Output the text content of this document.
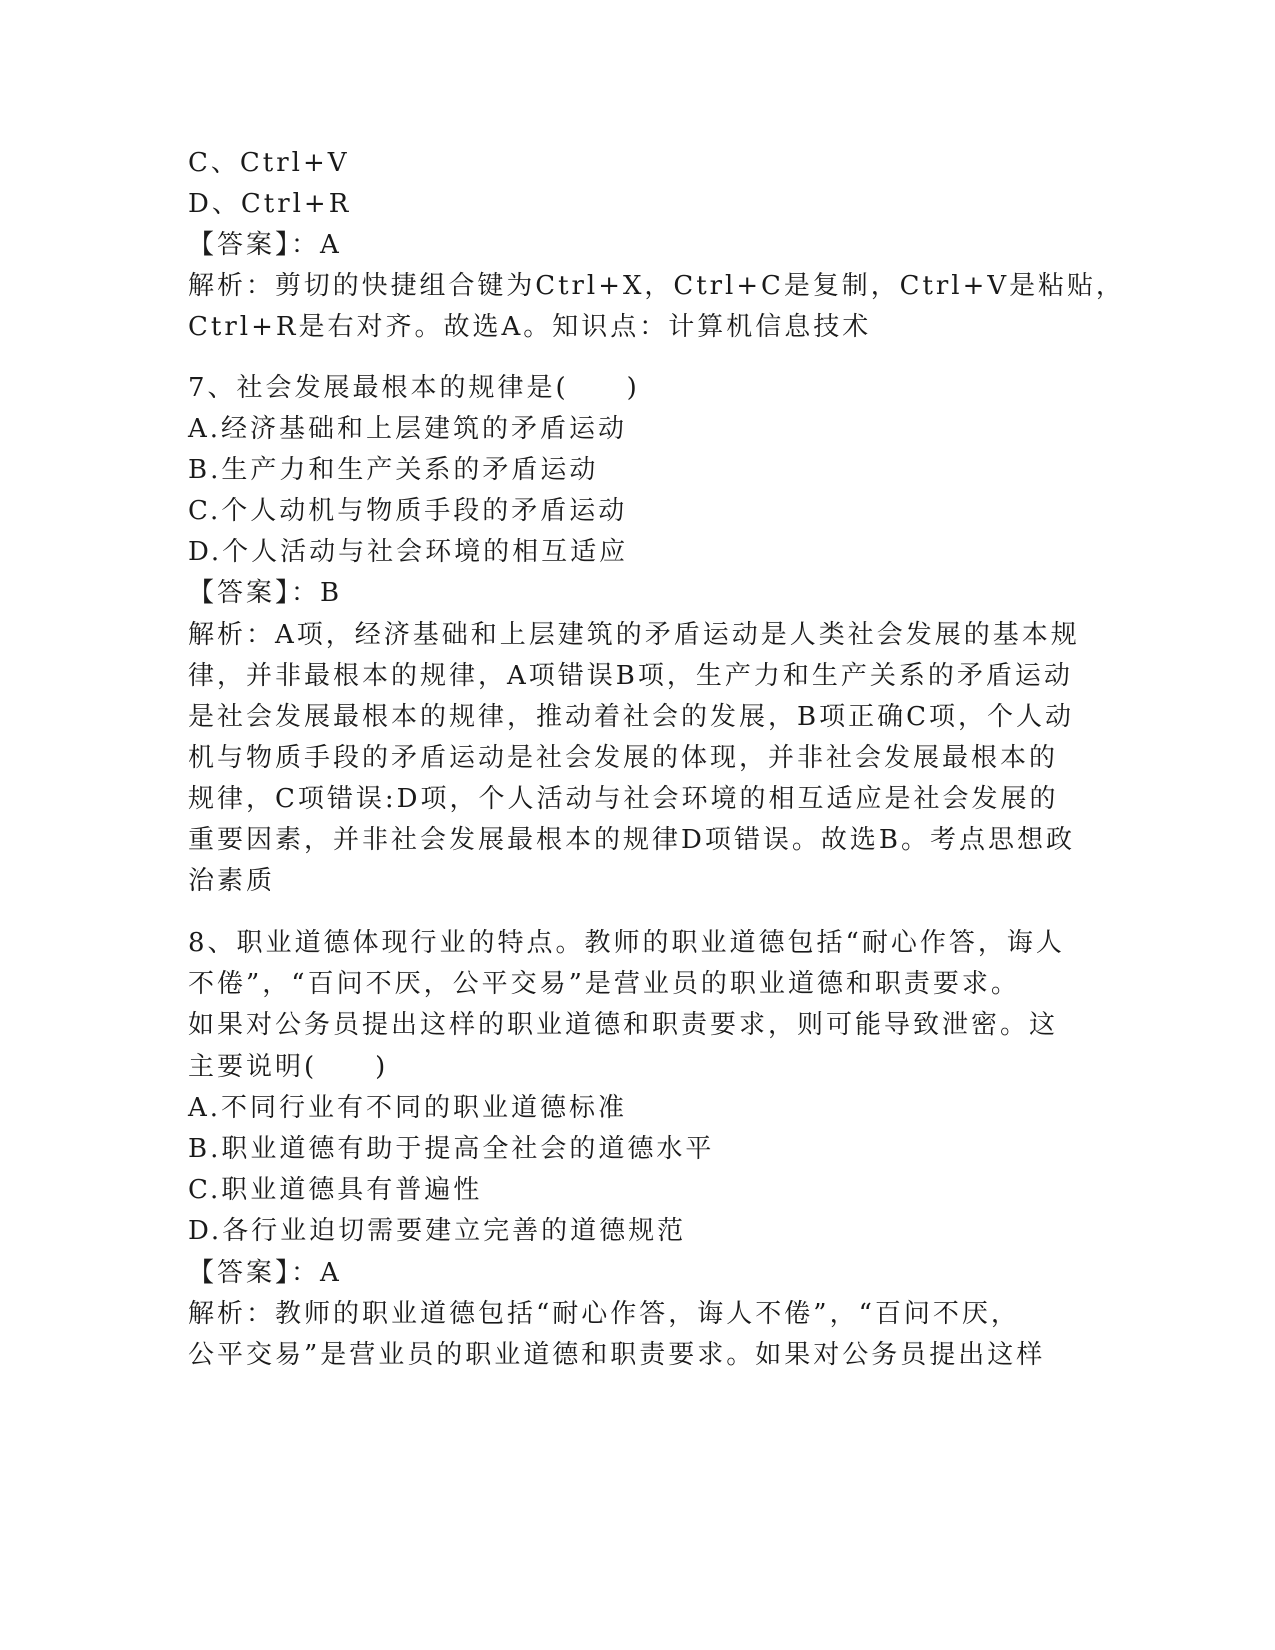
C、Ctrl+V
D、Ctrl+R
【答案】：A
解析：剪切的快捷组合键为Ctrl+X，Ctrl+C是复制，Ctrl+V是粘贴，
Ctrl+R是右对齐。故选A。知识点：计算机信息技术
7、社会发展最根本的规律是(　　)
A.经济基础和上层建筑的矛盾运动
B.生产力和生产关系的矛盾运动
C.个人动机与物质手段的矛盾运动
D.个人活动与社会环境的相互适应
【答案】：B
解析：A项，经济基础和上层建筑的矛盾运动是人类社会发展的基本规
律，并非最根本的规律，A项错误B项，生产力和生产关系的矛盾运动
是社会发展最根本的规律，推动着社会的发展，B项正确C项，个人动
机与物质手段的矛盾运动是社会发展的体现，并非社会发展最根本的
规律，C项错误:D项，个人活动与社会环境的相互适应是社会发展的
重要因素，并非社会发展最根本的规律D项错误。故选B。考点思想政
治素质
8、职业道德体现行业的特点。教师的职业道德包括“耐心作答，诲人
不倦”，“百问不厌，公平交易”是营业员的职业道德和职责要求。
如果对公务员提出这样的职业道德和职责要求，则可能导致泄密。这
主要说明(　　)
A.不同行业有不同的职业道德标准
B.职业道德有助于提高全社会的道德水平
C.职业道德具有普遍性
D.各行业迫切需要建立完善的道德规范
【答案】：A
解析：教师的职业道德包括“耐心作答，诲人不倦”，“百问不厌，
公平交易”是营业员的职业道德和职责要求。如果对公务员提出这样
